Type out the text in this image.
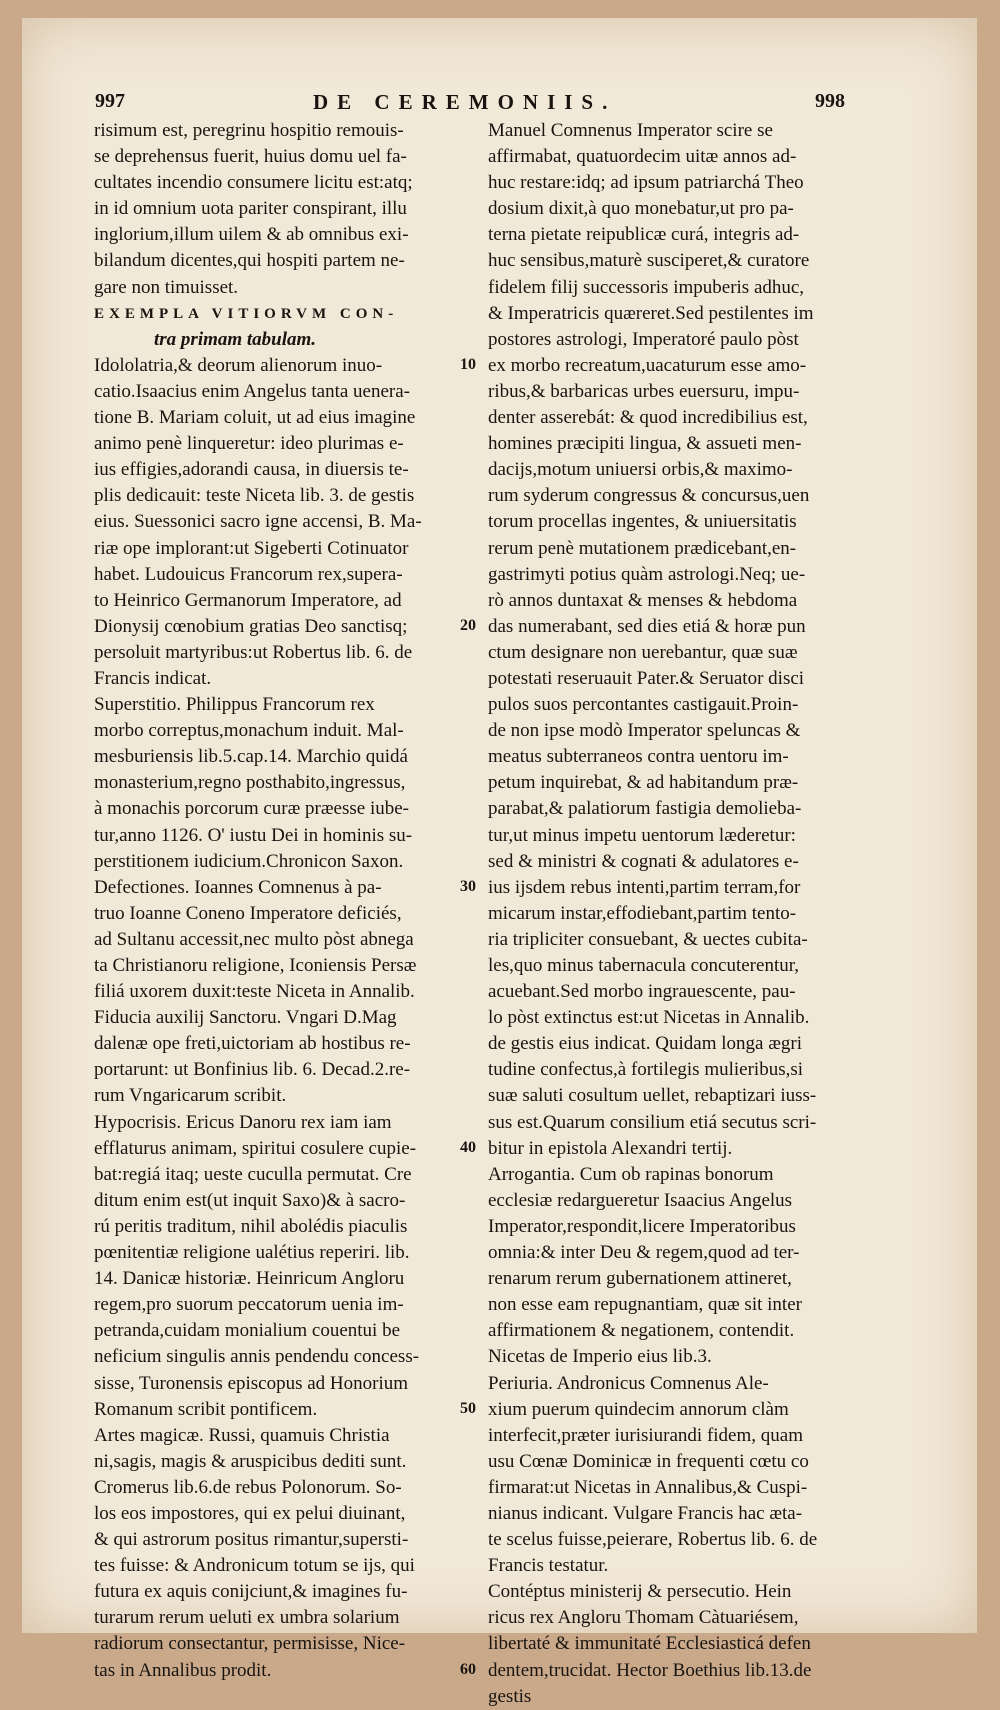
997	DE CEREMONIIS.	998
risimum est, peregrinu hospitio remouis-
se deprehensus fuerit, huius domu uel fa-
cultates incendio consumere licitu est:atq;
in id omnium uota pariter conspirant, illu
inglorium,illum uilem & ab omnibus exi-
bilandum dicentes,qui hospiti partem ne-
gare non timuisset.
EXEMPLA VITIORVM CON-
tra primam tabulam.
Idololatria,& deorum alienorum inuo-
catio.Isaacius enim Angelus tanta uenera-
tione B. Mariam coluit, ut ad eius imagine
animo penè linqueretur: ideo plurimas e-
ius effigies,adorandi causa, in diuersis te-
plis dedicauit: teste Niceta lib. 3. de gestis
eius. Suessonici sacro igne accensi, B. Ma-
riæ ope implorant:ut Sigeberti Cotinuator
habet. Ludouicus Francorum rex,supera-
to Heinrico Germanorum Imperatore, ad
Dionysij cœnobium gratias Deo sanctisq;
persoluit martyribus:ut Robertus lib. 6. de
Francis indicat.
Superstitio. Philippus Francorum rex
morbo correptus,monachum induit. Mal-
mesburiensis lib.5.cap.14. Marchio quidá
monasterium,regno posthabito,ingressus,
à monachis porcorum curæ præesse iube-
tur,anno 1126. O' iustu Dei in hominis su-
perstitionem iudicium.Chronicon Saxon.
Defectiones. Ioannes Comnenus à pa-
truo Ioanne Coneno Imperatore deficiés,
ad Sultanu accessit,nec multo pòst abnega
ta Christianoru religione, Iconiensis Persæ
filiá uxorem duxit:teste Niceta in Annalib.
Fiducia auxilij Sanctoru. Vngari D.Mag
dalenæ ope freti,uictoriam ab hostibus re-
portarunt: ut Bonfinius lib. 6. Decad.2.re-
rum Vngaricarum scribit.
Hypocrisis. Ericus Danoru rex iam iam
efflaturus animam, spiritui cosulere cupie-
bat:regiá itaq; ueste cuculla permutat. Cre
ditum enim est(ut inquit Saxo)& à sacro-
rú peritis traditum, nihil abolédis piaculis
pœnitentiæ religione ualétius reperiri. lib.
14. Danicæ historiæ. Heinricum Angloru
regem,pro suorum peccatorum uenia im-
petranda,cuidam monialium couentui be
neficium singulis annis pendendu concess-
sisse, Turonensis episcopus ad Honorium
Romanum scribit pontificem.
Artes magicæ. Russi, quamuis Christia
ni,sagis, magis & aruspicibus dediti sunt.
Cromerus lib.6.de rebus Polonorum. So-
los eos impostores, qui ex pelui diuinant,
& qui astrorum positus rimantur,supersti-
tes fuisse: & Andronicum totum se ijs, qui
futura ex aquis conijciunt,& imagines fu-
turarum rerum ueluti ex umbra solarium
radiorum consectantur, permisisse, Nice-
tas in Annalibus prodit.
Manuel Comnenus Imperator scire se
affirmabat, quatuordecim uitæ annos ad-
huc restare:idq; ad ipsum patriarchá Theo
dosium dixit,à quo monebatur,ut pro pa-
terna pietate reipublicæ curá, integris ad-
huc sensibus,maturè susciperet,& curatore
fidelem filij successoris impuberis adhuc,
& Imperatricis quæreret.Sed pestilentes im
postores astrologi, Imperatoré paulo pòst
ex morbo recreatum,uacaturum esse amo-
ribus,& barbaricas urbes euersuru, impu-
denter asserebát: & quod incredibilius est,
homines præcipiti lingua, & assueti men-
dacijs,motum uniuersi orbis,& maximo-
rum syderum congressus & concursus,uen
torum procellas ingentes, & uniuersitatis
rerum penè mutationem prædicebant,en-
gastrimyti potius quàm astrologi.Neq; ue-
rò annos duntaxat & menses & hebdoma
das numerabant, sed dies etiá & horæ pun
ctum designare non uerebantur, quæ suæ
potestati reseruauit Pater.& Seruator disci
pulos suos percontantes castigauit.Proin-
de non ipse modò Imperator speluncas &
meatus subterraneos contra uentoru im-
petum inquirebat, & ad habitandum præ-
parabat,& palatiorum fastigia demolieba-
tur,ut minus impetu uentorum læderetur:
sed & ministri & cognati & adulatores e-
ius ijsdem rebus intenti,partim terram,for
micarum instar,effodiebant,partim tento-
ria tripliciter consuebant, & uectes cubita-
les,quo minus tabernacula concuterentur,
acuebant.Sed morbo ingrauescente, pau-
lo pòst extinctus est:ut Nicetas in Annalib.
de gestis eius indicat. Quidam longa ægri
tudine confectus,à fortilegis mulieribus,si
suæ saluti cosultum uellet, rebaptizari iuss-
sus est.Quarum consilium etiá secutus scri-
bitur in epistola Alexandri tertij.
Arrogantia. Cum ob rapinas bonorum
ecclesiæ redargueretur Isaacius Angelus
Imperator,respondit,licere Imperatoribus
omnia:& inter Deu & regem,quod ad ter-
renarum rerum gubernationem attineret,
non esse eam repugnantiam, quæ sit inter
affirmationem & negationem, contendit.
Nicetas de Imperio eius lib.3.
Periuria. Andronicus Comnenus Ale-
xium puerum quindecim annorum clàm
interfecit,præter iurisiurandi fidem, quam
usu Cœnæ Dominicæ in frequenti cœtu co
firmarat:ut Nicetas in Annalibus,& Cuspi-
nianus indicant. Vulgare Francis hac æta-
te scelus fuisse,peierare, Robertus lib. 6. de
Francis testatur.
Contéptus ministerij & persecutio. Hein
ricus rex Angloru Thomam Càtuariésem,
libertaté & immunitaté Ecclesiasticá defen
dentem,trucidat. Hector Boethius lib.13.de
gestis
10
20
30
40
50
60
